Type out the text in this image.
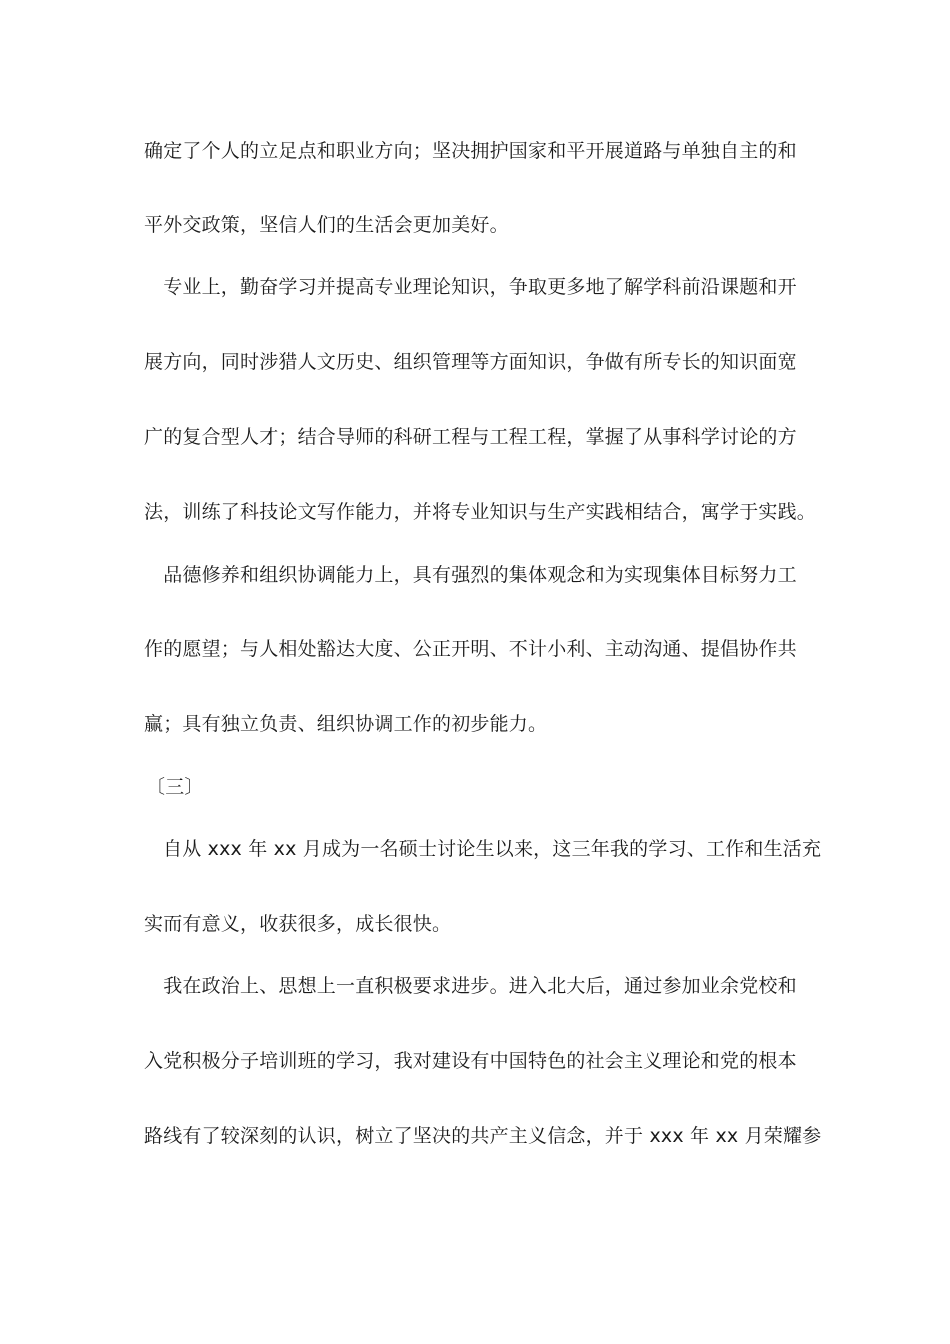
确定了个人的立足点和职业方向；坚决拥护国家和平开展道路与单独自主的和
平外交政策，坚信人们的生活会更加美好。
　专业上，勤奋学习并提高专业理论知识，争取更多地了解学科前沿课题和开
展方向，同时涉猎人文历史、组织管理等方面知识，争做有所专长的知识面宽
广的复合型人才；结合导师的科研工程与工程工程，掌握了从事科学讨论的方
法，训练了科技论文写作能力，并将专业知识与生产实践相结合，寓学于实践。
　品德修养和组织协调能力上，具有强烈的集体观念和为实现集体目标努力工
作的愿望；与人相处豁达大度、公正开明、不计小利、主动沟通、提倡协作共
赢；具有独立负责、组织协调工作的初步能力。
〔三〕
自从 xxx 年 xx 月成为一名硕士讨论生以来，这三年我的学习、工作和生活充
实而有意义，收获很多，成长很快。
　我在政治上、思想上一直积极要求进步。进入北大后，通过参加业余党校和
入党积极分子培训班的学习，我对建设有中国特色的社会主义理论和党的根本
路线有了较深刻的认识，树立了坚决的共产主义信念，并于 xxx 年 xx 月荣耀参
